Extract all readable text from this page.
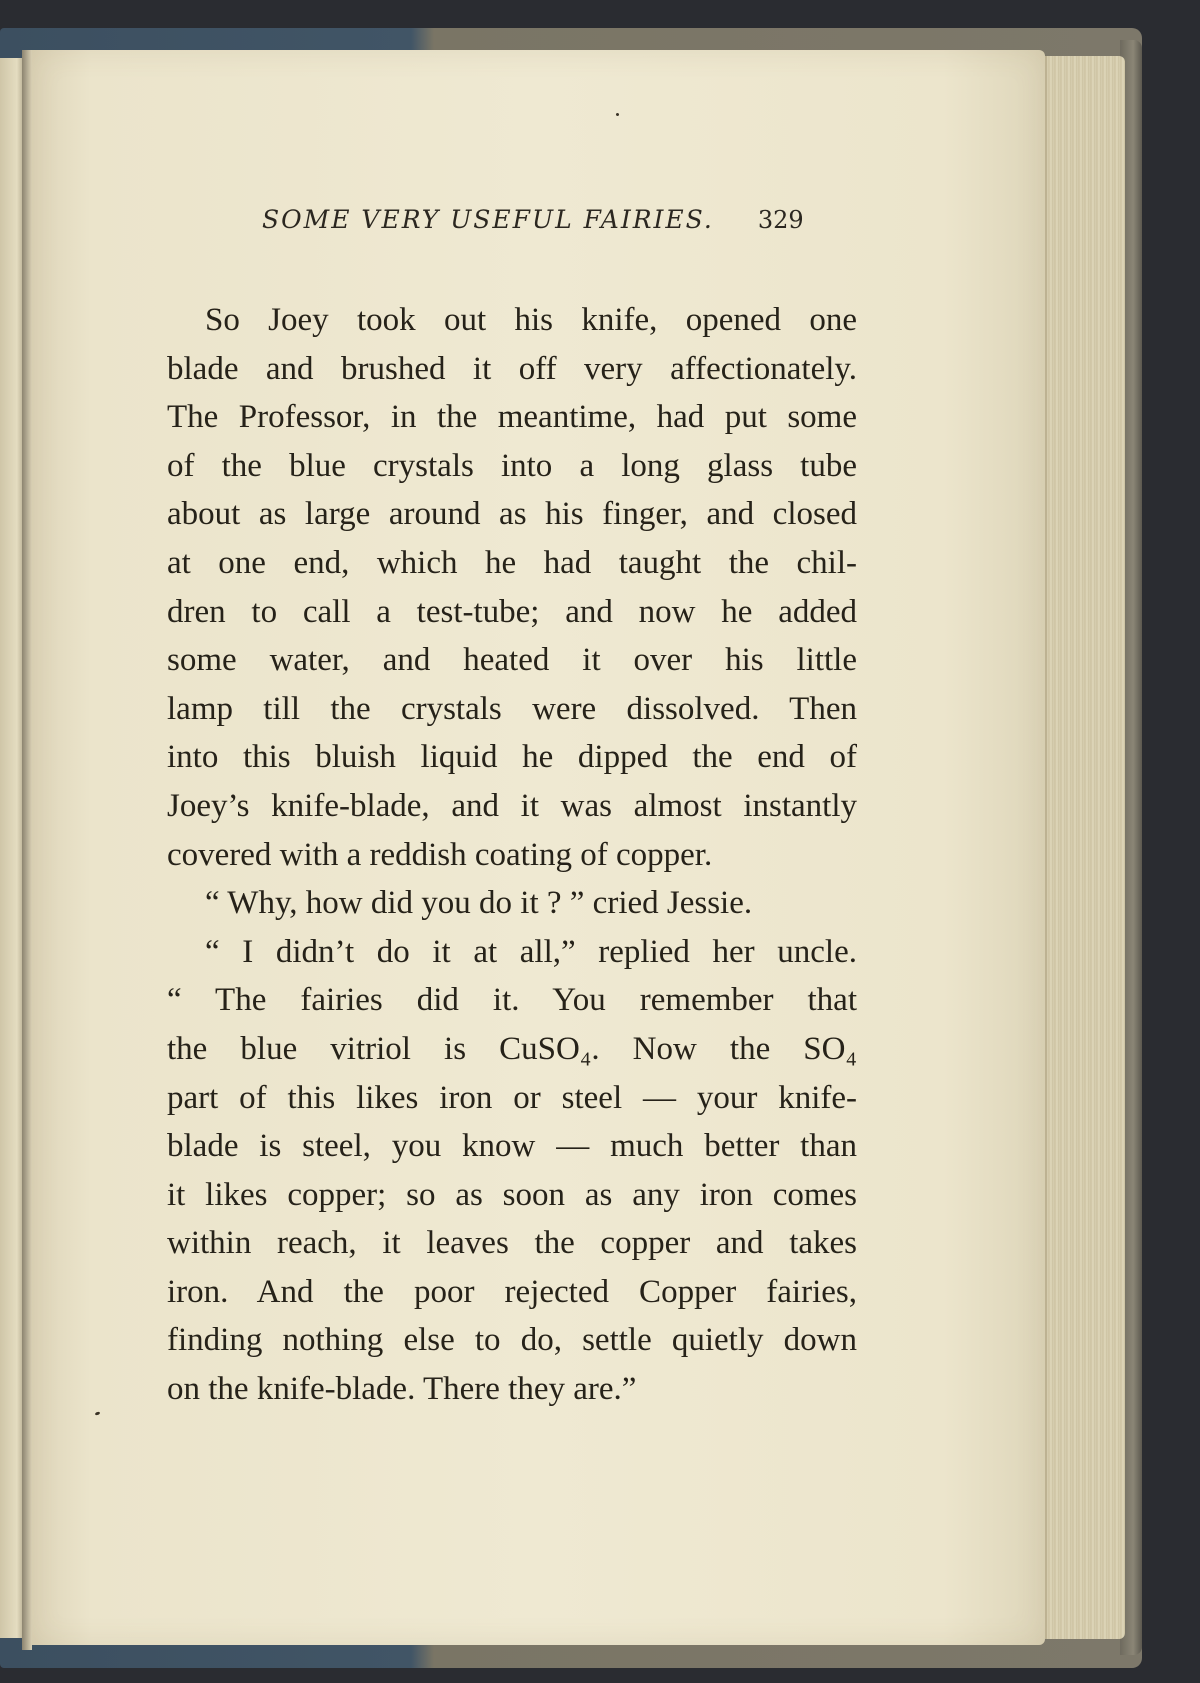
SOME VERY USEFUL FAIRIES. 329
So Joey took out his knife, opened one
blade and brushed it off very affectionately.
The Professor, in the meantime, had put some
of the blue crystals into a long glass tube
about as large around as his finger, and closed
at one end, which he had taught the chil-
dren to call a test-tube; and now he added
some water, and heated it over his little
lamp till the crystals were dissolved. Then
into this bluish liquid he dipped the end of
Joey’s knife-blade, and it was almost instantly
covered with a reddish coating of copper.
“ Why, how did you do it ? ” cried Jessie.
“ I didn’t do it at all,” replied her uncle.
“ The fairies did it. You remember that
the blue vitriol is CuSO₄. Now the SO₄
part of this likes iron or steel — your knife-
blade is steel, you know — much better than
it likes copper; so as soon as any iron comes
within reach, it leaves the copper and takes
iron. And the poor rejected Copper fairies,
finding nothing else to do, settle quietly down
on the knife-blade. There they are.”
